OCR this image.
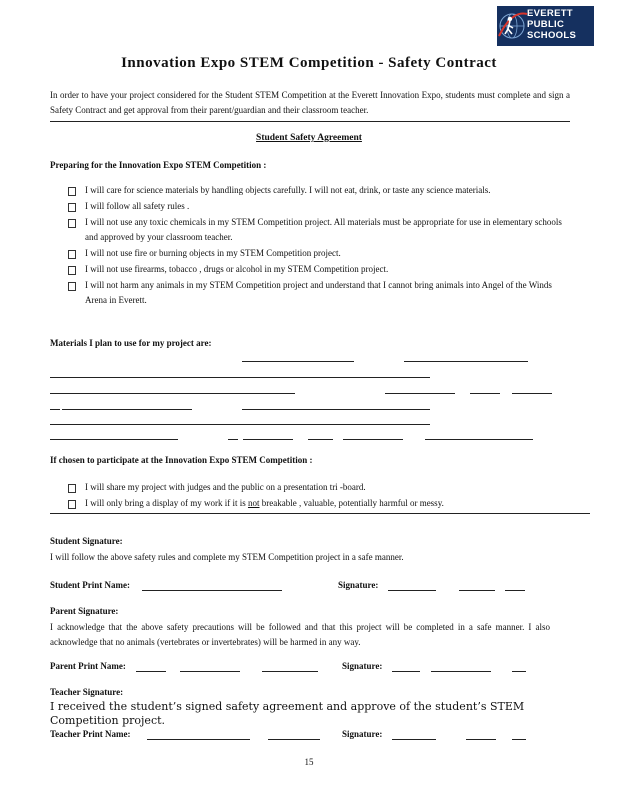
EVERETT
PUBLIC
SCHOOLS
Innovation Expo STEM Competition - Safety Contract
In order to have your project considered for the Student STEM Competition at the Everett Innovation Expo, students must complete and sign a Safety Contract and get approval from their parent/guardian and their classroom teacher.
Student Safety Agreement
Preparing for the Innovation Expo STEM Competition :
I will care for science materials by handling objects carefully. I will not eat, drink, or taste any science materials.
I will follow all safety rules .
I will not use any toxic chemicals in my STEM Competition project. All materials must be appropriate for use in elementary schools and approved by your classroom teacher.
I will not use fire or burning objects in my STEM Competition project.
I will not use firearms, tobacco , drugs or alcohol in my STEM Competition project.
I will not harm any animals in my STEM Competition project and understand that I cannot bring animals into Angel of the Winds Arena in Everett.
Materials I plan to use for my project are:
If chosen to participate at the Innovation Expo STEM Competition :
I will share my project with judges and the public on a presentation tri -board.
I will only bring a display of my work if it is not breakable , valuable, potentially harmful or messy.
Student Signature:
I will follow the above safety rules and complete my STEM Competition project in a safe manner.
Student Print Name:	Signature:
Parent Signature:
I acknowledge that the above safety precautions will be followed and that this project will be completed in a safe manner. I also acknowledge that no animals (vertebrates or invertebrates) will be harmed in any way.
Parent Print Name:	Signature:
Teacher Signature:
I received the student’s signed safety agreement and approve of the student’s STEM Competition project.
Teacher Print Name:	Signature:
15
